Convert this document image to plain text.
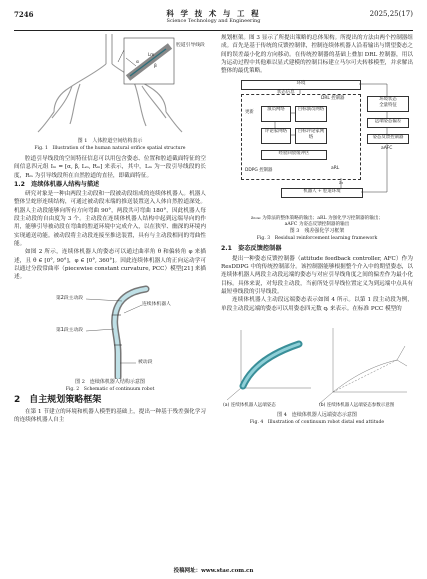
7246	科 学 技 术 与 工 程
Science Technology and Engineering
2025,25(17)
α
β
Lm
腔道引导线段
图 1　人体腔道空间结构表示
Fig. 1　Illustration of the human natural orifice spatial structure

腔道引导线段的空间特征信息可以用包含姿态、位置和腔道截面特征的空间信息四元组 Iₘ = [α, β, Lₘ, Rₘ] 来表示，其中，Lₘ 为一段引导线段的长度，Rₘ 为引导线段所在自然腔道的直径，即截面特征。

1.2　连续体机器人结构与描述

研究对象是一种由两段主动段和一段被动段组成的连续体机器人。机器人整体呈蛇形连续结构，可通过被动段末端的推送装置送入人体自然腔道深处。机器人主动段能够向所有方向弯曲 90°，两段共可弯曲 180°，因此机器人每段主动段的自由度为 3 个。主动段在连续体机器人结构中起到远端导向的作用，能够引导被动段在弯曲的腔道环境中完成介入，以在狭窄、幽深的环境内实现通送功能。被动段将主动段连接至推送装置，具有与主动段相同的弯曲性能。

如图 2 所示，连续体机器人的姿态可以通过曲率角 θ 和偏转角 φ 来描述，且 θ ∈ [0°, 90°]，φ ∈ [0°, 360°]。因此连续体机器人的正向运动学可以通过分段常曲率（piecewise constant curvature, PCC）模型[21] 来描述。

第2段主动段
连续体机器人
第1段主动段
被动段
图 2　连续体机器人结构示意图
Fig. 2　Schematic of continuum robot
2　自主规划策略框架

在第 1 节建立的环境和机器人模型的基础上，提出一种基于残差强化学习的连续体机器人自主

规划框架。图 3 显示了所提出策略的总体架构。所提出的方法由两个控制器组成。首先是基于传统的反馈控制律，控制连续体机器人沿着输出与期望姿态之间的误差最小化的方向移动。在传统控制器的基础上叠加 DRL 控制器，用以为运动过程中其他难以显式建模的控制目标建立马尔可夫转移模型，并求解出整体的最优策略。

环境
DRL 控制器
状态信息
演员网络	目标演员网络
评论家网络	目标评论家网络
更新
经验回放缓冲区
DDPG 控制器
环境状态
全量特征
远端姿态偏差
姿态反馈控制器
机器人 + 腔道环境
aₜ
aRL
aAFC
aₜₒₜₐₗ 为算法的整体策略的输出；aRL 为强化学习控制器的输出；
aAFC 为姿态反馈控制器的输出
图 3　残差强化学习框架
Fig. 3　Residual reinforcement learning framework
2.1　姿态反馈控制器

提出一种姿态反馈控制器（attitude feedback controller, AFC）作为 ResDDPG 中的传统控制部分。该控制器能够根据整个介入中的期望姿态，以连续体机器人两段主动段远端的姿态与对应引导线角度之间的偏差作为最小化目标。具体来说，对每段主动段，当前所处引导线位置定义为到远端中点具有最短垂线段的引导线段。

连续体机器人主动段远端姿态表示如图 4 所示。以第 1 段主动段为例，单段主动段远端的姿态可以用姿态四元数 qᵢ 来表示。在标准 PCC 模型的

(a) 连续体机器人远端姿态	(b) 连续体机器人远端姿态参数示意图
图 4　连续体机器人远端姿态示意图
Fig. 4　Illustration of continuum robot distal end attitude
投稿网址：www.stae.com.cn
